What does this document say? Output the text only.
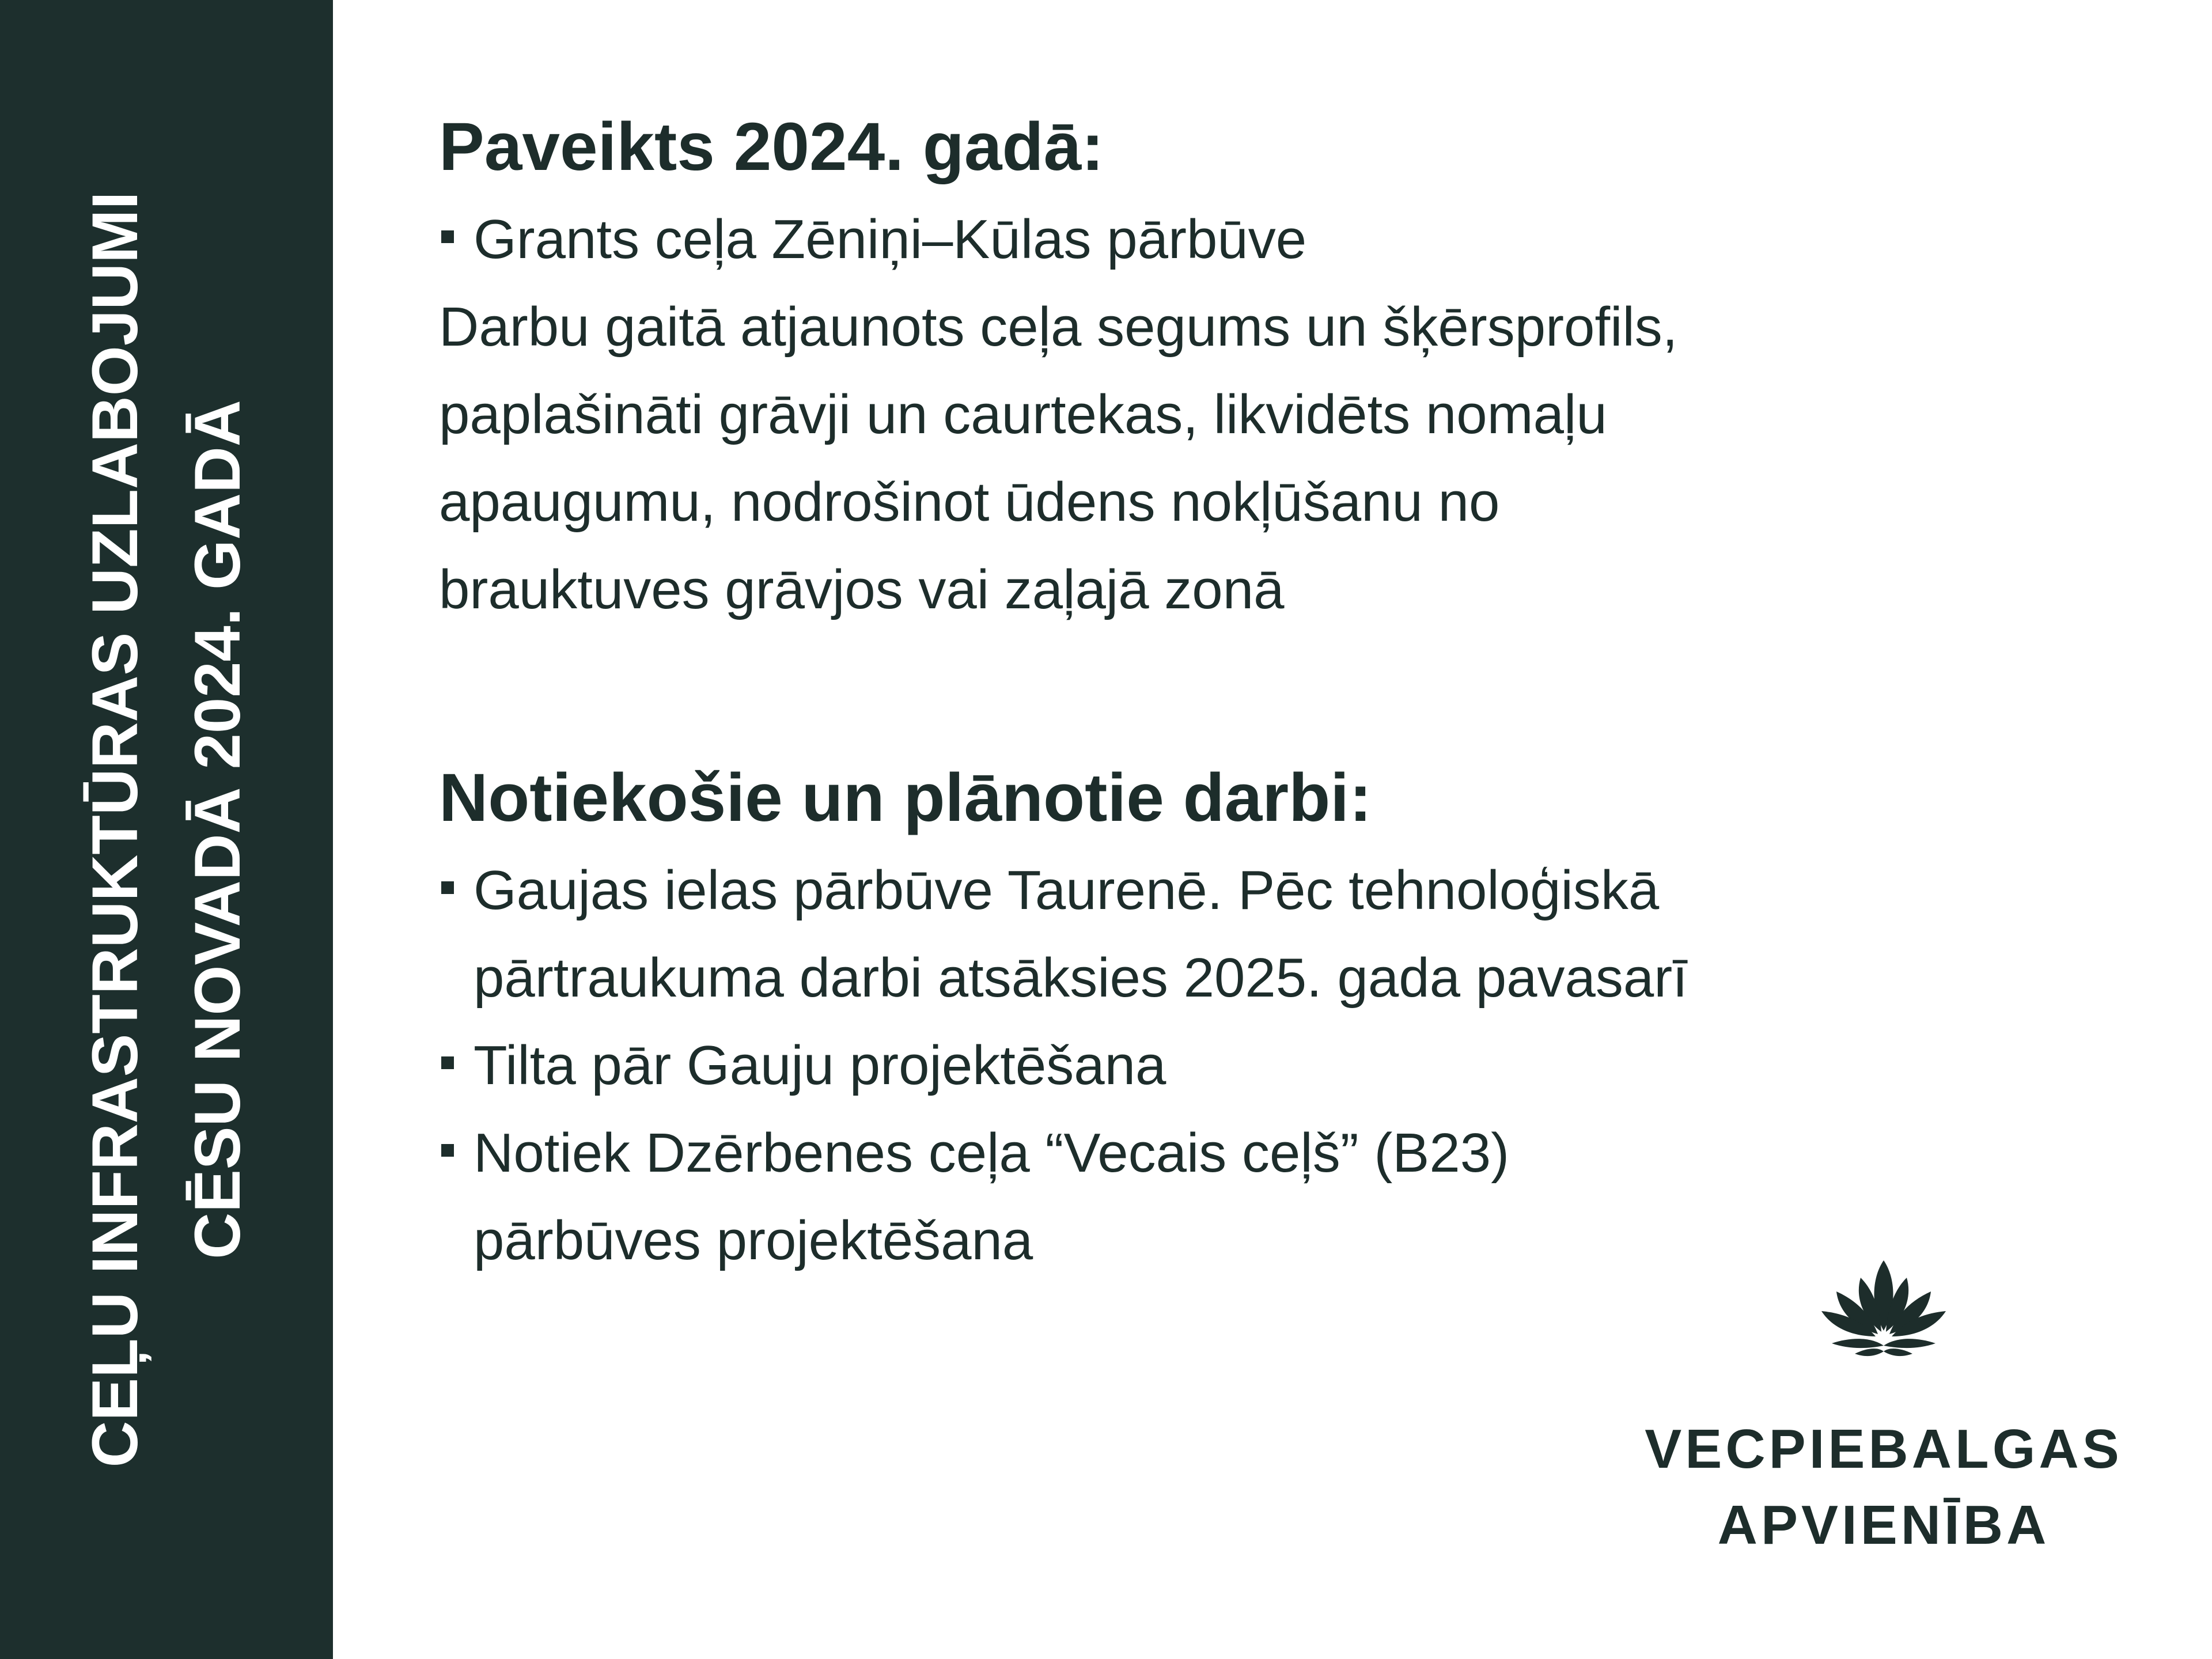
CEĻU INFRASTRUKTŪRAS UZLABOJUMI CĒSU NOVADĀ 2024. GADĀ
Paveikts 2024. gadā:
Grants ceļa Zēniņi–Kūlas pārbūve

Darbu gaitā atjaunots ceļa segums un šķērsprofils,
paplašināti grāvji un caurtekas, likvidēts nomaļu
apaugumu, nodrošinot ūdens nokļūšanu no
brauktuves grāvjos vai zaļajā zonā

Notiekošie un plānotie darbi:
Gaujas ielas pārbūve Taurenē. Pēc tehnoloģiskā
pārtraukuma darbi atsāksies 2025. gada pavasarī
Tilta pār Gauju projektēšana
Notiek Dzērbenes ceļa “Vecais ceļš” (B23)
pārbūves projektēšana
VECPIEBALGAS
APVIENĪBA
